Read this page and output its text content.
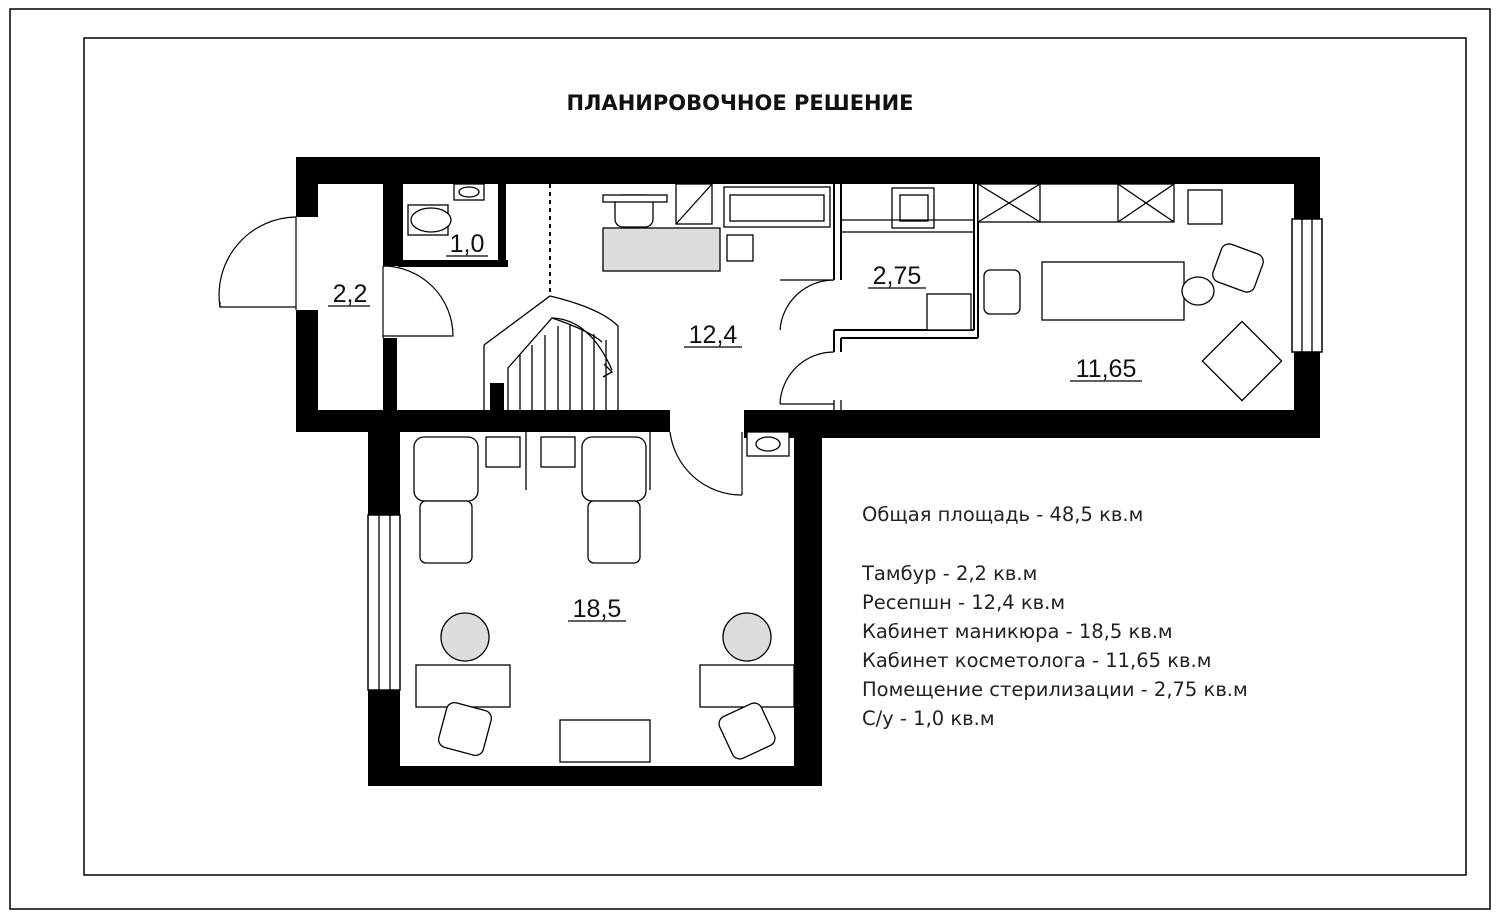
ПЛАНИРОВОЧНОЕ РЕШЕНИЕ
2,2
1,0
12,4
2,75
11,65
18,5
Общая площадь - 48,5 кв.м
Тамбур - 2,2 кв.м
Ресепшн - 12,4 кв.м
Кабинет маникюра - 18,5 кв.м
Кабинет косметолога - 11,65 кв.м
Помещение стерилизации - 2,75 кв.м
С/у - 1,0 кв.м
